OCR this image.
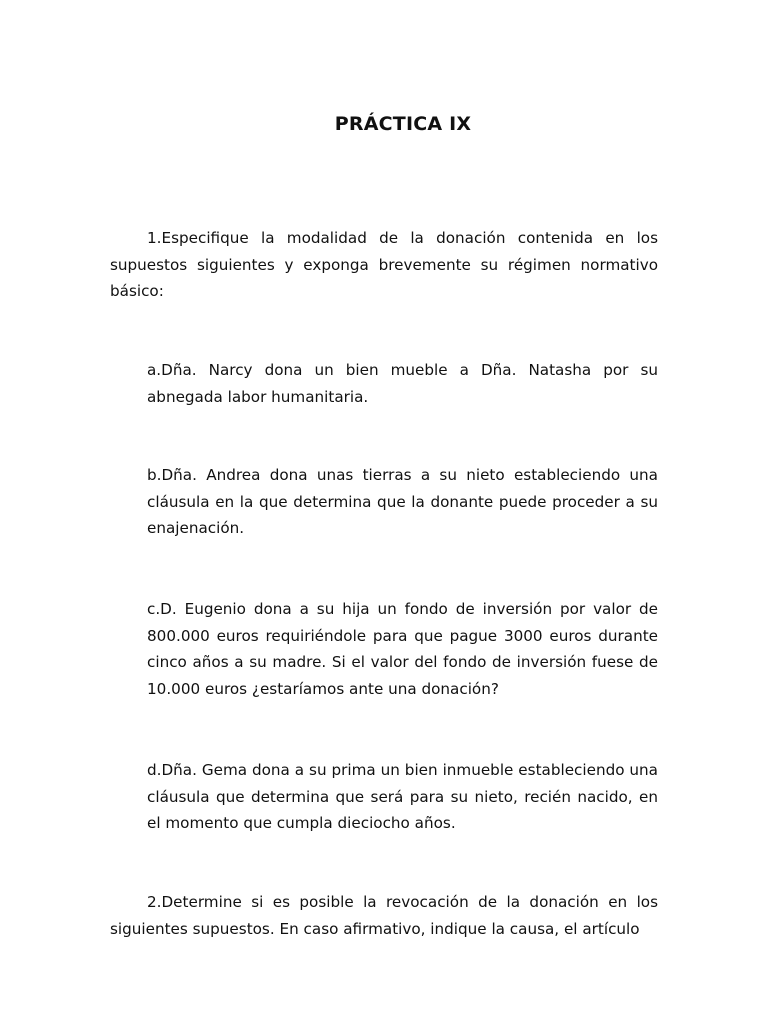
PRÁCTICA IX

1.Especifique la modalidad de la donación contenida en los supuestos siguientes y exponga brevemente su régimen normativo básico:

a.Dña. Narcy dona un bien mueble a Dña. Natasha por su abnegada labor humanitaria.

b.Dña. Andrea dona unas tierras a su nieto estableciendo una cláusula en la que determina que la donante puede proceder a su enajenación.

c.D. Eugenio dona a su hija un fondo de inversión por valor de 800.000 euros requiriéndole para que pague 3000 euros durante cinco años a su madre. Si el valor del fondo de inversión fuese de 10.000 euros ¿estaríamos ante una donación?

d.Dña. Gema dona a su prima un bien inmueble estableciendo una cláusula que determina que será para su nieto, recién nacido, en el momento que cumpla dieciocho años.

2.Determine si es posible la revocación de la donación en los siguientes supuestos. En caso afirmativo, indique la causa, el artículo
